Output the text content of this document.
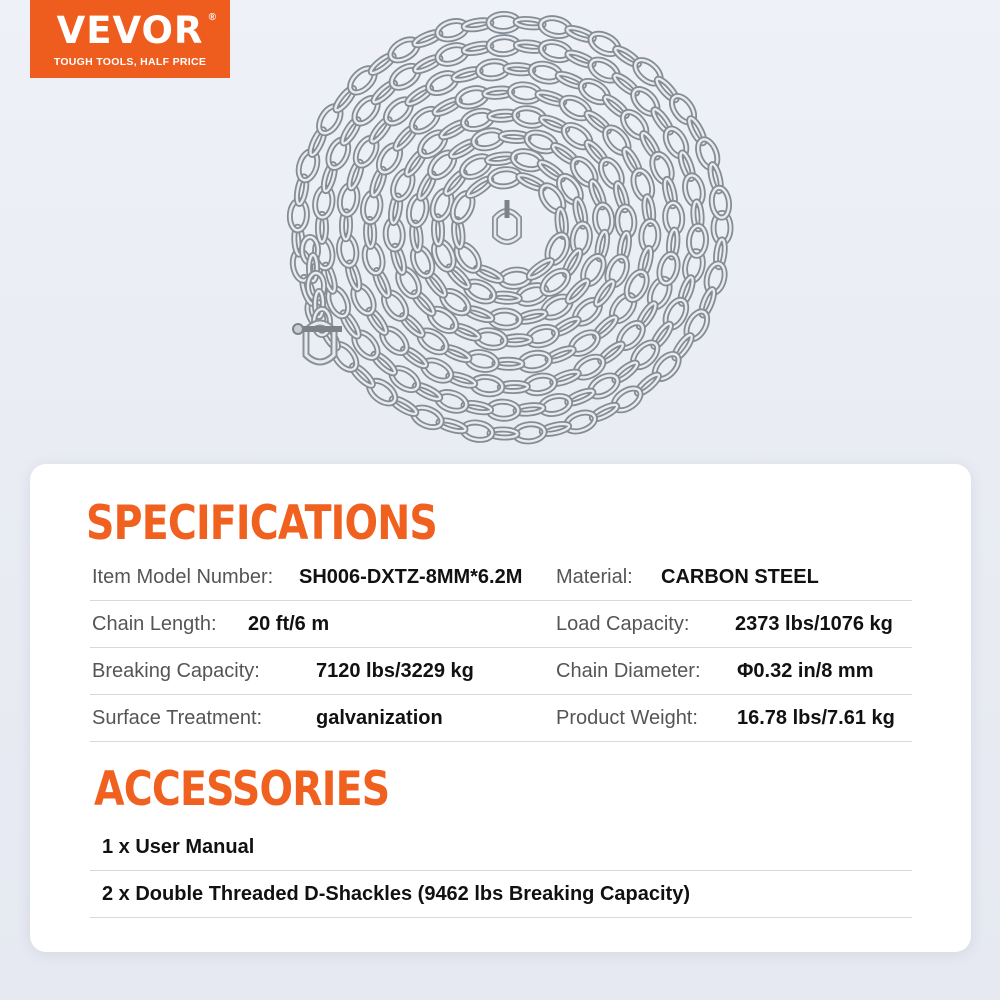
VEVOR ®
TOUGH TOOLS, HALF PRICE
SPECIFICATIONS
Item Model Number: SH006-DXTZ-8MM*6.2M Material: CARBON STEEL
Chain Length: 20 ft/6 m	Load Capacity: 2373 lbs/1076 kg
Breaking Capacity:	7120 lbs/3229 kg	Chain Diameter: Φ0.32 in/8 mm
Surface Treatment:	galvanization	Product Weight: 16.78 lbs/7.61 kg
ACCESSORIES
1 x User Manual
2 x Double Threaded D-Shackles (9462 lbs Breaking Capacity)
